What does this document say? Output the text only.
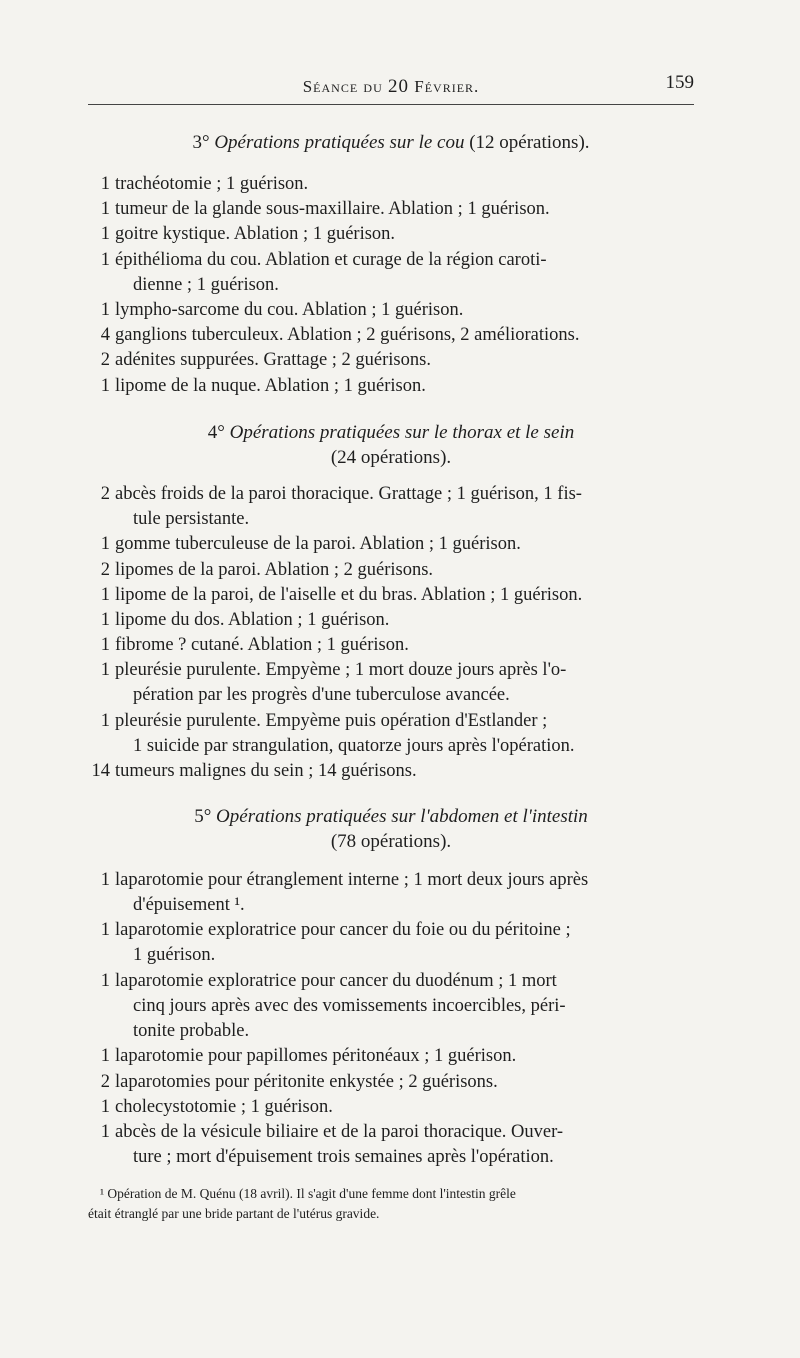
Séance du 20 Février.	159
3° Opérations pratiquées sur le cou (12 opérations).
1 trachéotomie ; 1 guérison.
1 tumeur de la glande sous-maxillaire. Ablation ; 1 guérison.
1 goitre kystique. Ablation ; 1 guérison.
1 épithélioma du cou. Ablation et curage de la région caroti-
dienne ; 1 guérison.
1 lympho-sarcome du cou. Ablation ; 1 guérison.
4 ganglions tuberculeux. Ablation ; 2 guérisons, 2 améliorations.
2 adénites suppurées. Grattage ; 2 guérisons.
1 lipome de la nuque. Ablation ; 1 guérison.
4° Opérations pratiquées sur le thorax et le sein
(24 opérations).
2 abcès froids de la paroi thoracique. Grattage ; 1 guérison, 1 fis-
tule persistante.
1 gomme tuberculeuse de la paroi. Ablation ; 1 guérison.
2 lipomes de la paroi. Ablation ; 2 guérisons.
1 lipome de la paroi, de l'aiselle et du bras. Ablation ; 1 guérison.
1 lipome du dos. Ablation ; 1 guérison.
1 fibrome ? cutané. Ablation ; 1 guérison.
1 pleurésie purulente. Empyème ; 1 mort douze jours après l'o-
pération par les progrès d'une tuberculose avancée.
1 pleurésie purulente. Empyème puis opération d'Estlander ;
1 suicide par strangulation, quatorze jours après l'opération.
14 tumeurs malignes du sein ; 14 guérisons.
5° Opérations pratiquées sur l'abdomen et l'intestin
(78 opérations).
1 laparotomie pour étranglement interne ; 1 mort deux jours après
d'épuisement ¹.
1 laparotomie exploratrice pour cancer du foie ou du péritoine ;
1 guérison.
1 laparotomie exploratrice pour cancer du duodénum ; 1 mort
cinq jours après avec des vomissements incoercibles, péri-
tonite probable.
1 laparotomie pour papillomes péritonéaux ; 1 guérison.
2 laparotomies pour péritonite enkystée ; 2 guérisons.
1 cholecystotomie ; 1 guérison.
1 abcès de la vésicule biliaire et de la paroi thoracique. Ouver-
ture ; mort d'épuisement trois semaines après l'opération.
¹ Opération de M. Quénu (18 avril). Il s'agit d'une femme dont l'intestin grêle
était étranglé par une bride partant de l'utérus gravide.
